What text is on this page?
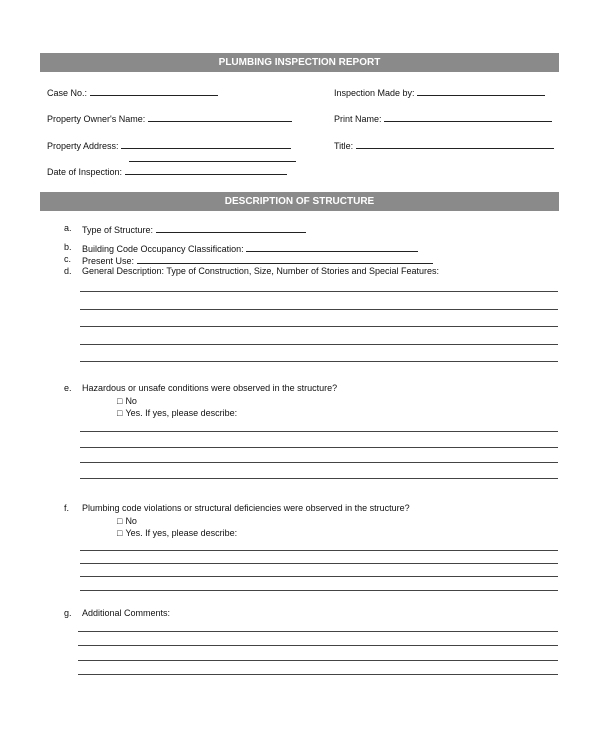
PLUMBING INSPECTION REPORT
Case No.:
Property Owner's Name:
Property Address:
Date of Inspection:
Inspection Made by:
Print Name:
Title:
DESCRIPTION OF STRUCTURE
a. Type of Structure:
b. Building Code Occupancy Classification:
c. Present Use:
d. General Description: Type of Construction, Size, Number of Stories and Special Features:
e. Hazardous or unsafe conditions were observed in the structure?
□ No
□ Yes. If yes, please describe:
f. Plumbing code violations or structural deficiencies were observed in the structure?
□ No
□ Yes. If yes, please describe:
g. Additional Comments:
